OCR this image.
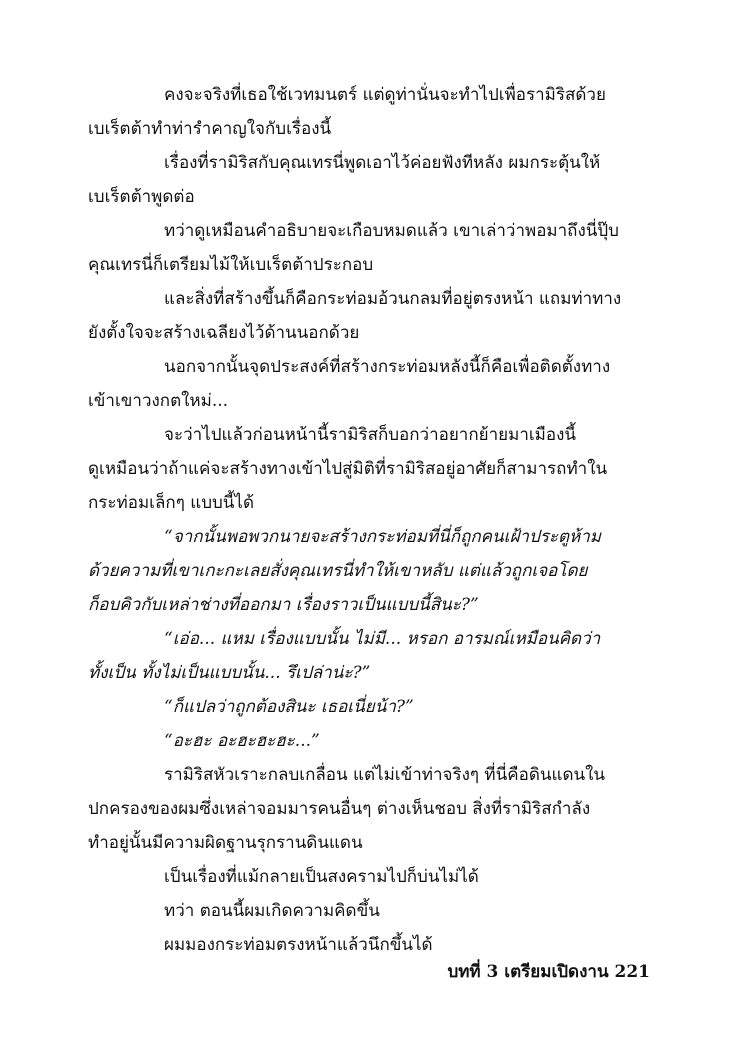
คงจะจริงที่เธอใช้เวทมนตร์ แต่ดูท่านั่นจะทำไปเพื่อรามิริสด้วย
เบเร็ตต้าทำท่ารำคาญใจกับเรื่องนี้
เรื่องที่รามิริสกับคุณเทรนี่พูดเอาไว้ค่อยฟังทีหลัง ผมกระตุ้นให้
เบเร็ตต้าพูดต่อ
ทว่าดูเหมือนคำอธิบายจะเกือบหมดแล้ว เขาเล่าว่าพอมาถึงนี่ปุ๊บ
คุณเทรนี่ก็เตรียมไม้ให้เบเร็ตต้าประกอบ
และสิ่งที่สร้างขึ้นก็คือกระท่อมอ้วนกลมที่อยู่ตรงหน้า แถมท่าทาง
ยังตั้งใจจะสร้างเฉลียงไว้ด้านนอกด้วย
นอกจากนั้นจุดประสงค์ที่สร้างกระท่อมหลังนี้ก็คือเพื่อติดตั้งทาง
เข้าเขาวงกตใหม่...
จะว่าไปแล้วก่อนหน้านี้รามิริสก็บอกว่าอยากย้ายมาเมืองนี้
ดูเหมือนว่าถ้าแค่จะสร้างทางเข้าไปสู่มิติที่รามิริสอยู่อาศัยก็สามารถทำใน
กระท่อมเล็กๆ แบบนี้ได้
“จากนั้นพอพวกนายจะสร้างกระท่อมที่นี่ก็ถูกคนเฝ้าประตูห้าม
ด้วยความที่เขาเกะกะเลยสั่งคุณเทรนี่ทำให้เขาหลับ แต่แล้วถูกเจอโดย
ก็อบคิวกับเหล่าช่างที่ออกมา เรื่องราวเป็นแบบนี้สินะ?”
“เอ่อ... แหม เรื่องแบบนั้น ไม่มี... หรอก อารมณ์เหมือนคิดว่า
ทั้งเป็น ทั้งไม่เป็นแบบนั้น... รึเปล่าน่ะ?”
“ก็แปลว่าถูกต้องสินะ เธอเนี่ยน้า?”
“อะฮะ อะฮะฮะฮะ...”
รามิริสหัวเราะกลบเกลื่อน แต่ไม่เข้าท่าจริงๆ ที่นี่คือดินแดนใน
ปกครองของผมซึ่งเหล่าจอมมารคนอื่นๆ ต่างเห็นชอบ สิ่งที่รามิริสกำลัง
ทำอยู่นั้นมีความผิดฐานรุกรานดินแดน
เป็นเรื่องที่แม้กลายเป็นสงครามไปก็บ่นไม่ได้
ทว่า ตอนนี้ผมเกิดความคิดขึ้น
ผมมองกระท่อมตรงหน้าแล้วนึกขึ้นได้
บทที่ 3 เตรียมเปิดงาน 221
